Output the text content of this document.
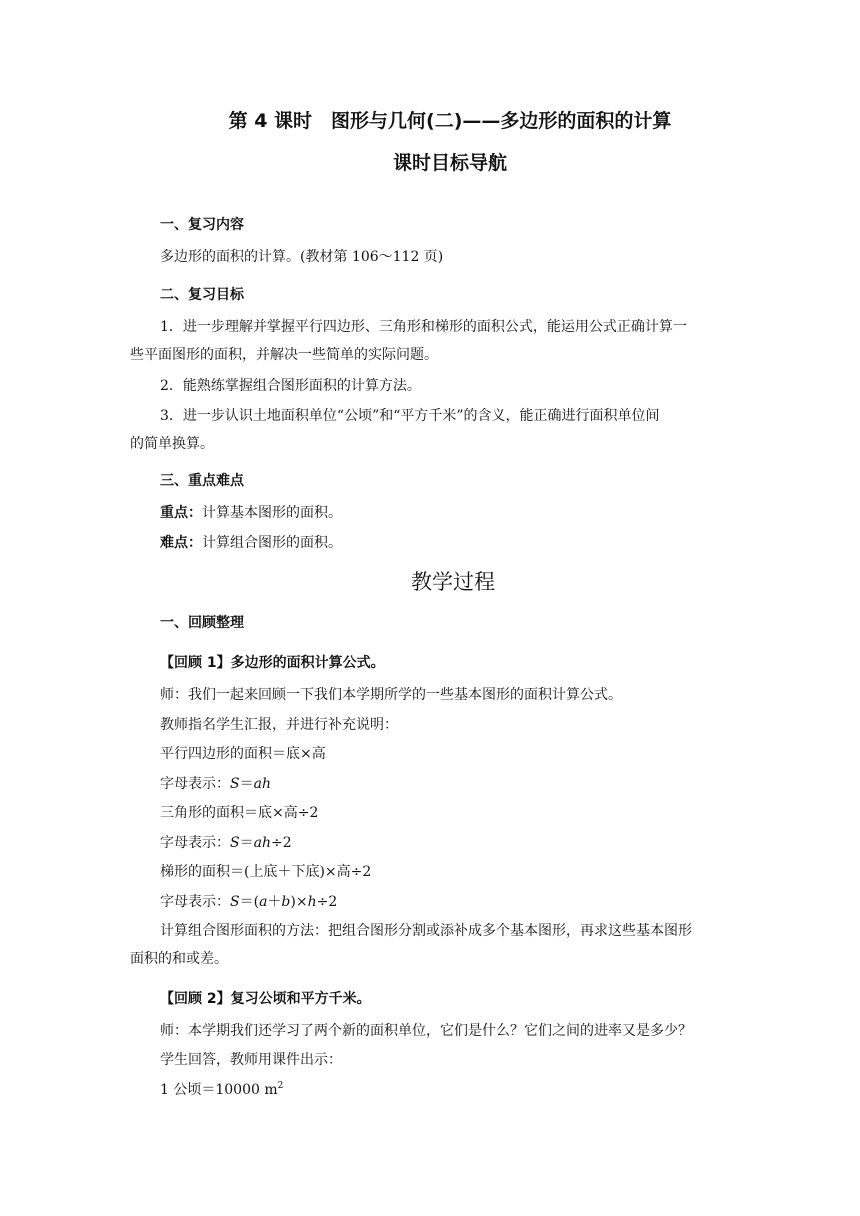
第 4 课时　图形与几何(二)——多边形的面积的计算
课时目标导航
一、复习内容
多边形的面积的计算。(教材第 106～112 页)
二、复习目标
1．进一步理解并掌握平行四边形、三角形和梯形的面积公式，能运用公式正确计算一
些平面图形的面积，并解决一些简单的实际问题。
2．能熟练掌握组合图形面积的计算方法。
3．进一步认识土地面积单位“公顷”和“平方千米”的含义，能正确进行面积单位间
的简单换算。
三、重点难点
重点：计算基本图形的面积。
难点：计算组合图形的面积。
教学过程
一、回顾整理
【回顾 1】多边形的面积计算公式。
师：我们一起来回顾一下我们本学期所学的一些基本图形的面积计算公式。
教师指名学生汇报，并进行补充说明：
平行四边形的面积＝底×高
字母表示：S＝ah
三角形的面积＝底×高÷2
字母表示：S＝ah÷2
梯形的面积＝(上底＋下底)×高÷2
字母表示：S＝(a＋b)×h÷2
计算组合图形面积的方法：把组合图形分割或添补成多个基本图形，再求这些基本图形
面积的和或差。
【回顾 2】复习公顷和平方千米。
师：本学期我们还学习了两个新的面积单位，它们是什么？它们之间的进率又是多少？
学生回答，教师用课件出示：
1 公顷＝10000 $m^2$
